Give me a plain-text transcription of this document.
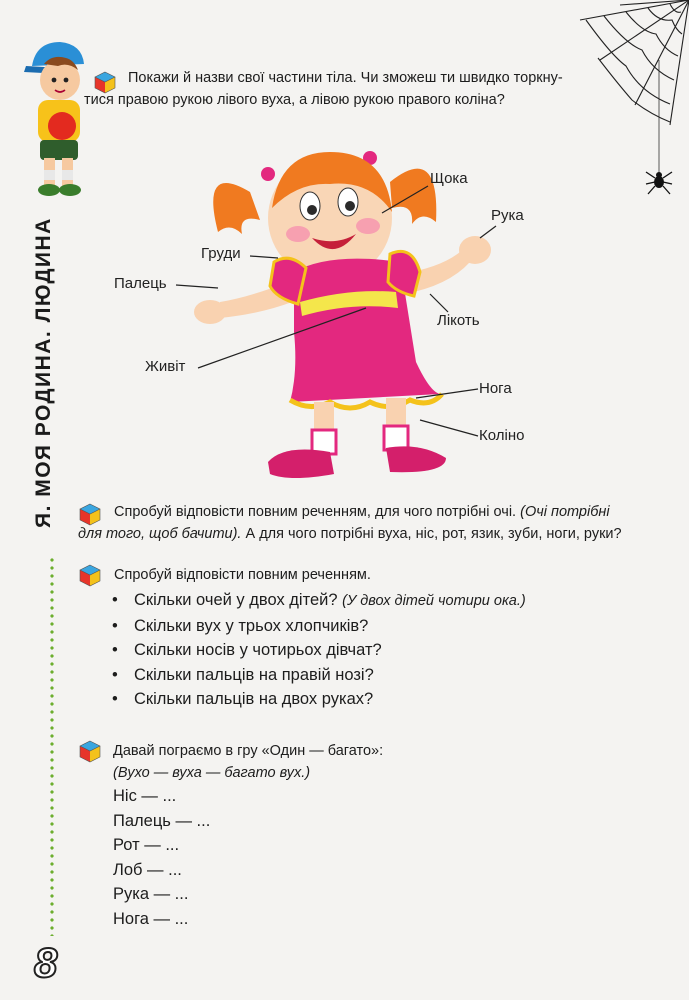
Я. МОЯ РОДИНА. ЛЮДИНА
8
Покажи й назви свої частини тіла. Чи зможеш ти швидко торкну-
тися правою рукою лівого вуха, а лівою рукою правого коліна?
Щока
Рука
Груди
Палець
Лікоть
Живіт
Нога
Коліно
Спробуй відповісти повним реченням, для чого потрібні очі. (Очі потрібні
для того, щоб бачити). А для чого потрібні вуха, ніс, рот, язик, зуби, ноги, руки?
Спробуй відповісти повним реченням.
• Скільки очей у двох дітей? (У двох дітей чотири ока.)
• Скільки вух у трьох хлопчиків?
• Скільки носів у чотирьох дівчат?
• Скільки пальців на правій нозі?
• Скільки пальців на двох руках?
Давай пограємо в гру «Один — багато»:
(Вухо — вуха — багато вух.)
Ніс — ...
Палець — ...
Рот — ...
Лоб — ...
Рука — ...
Нога — ...
